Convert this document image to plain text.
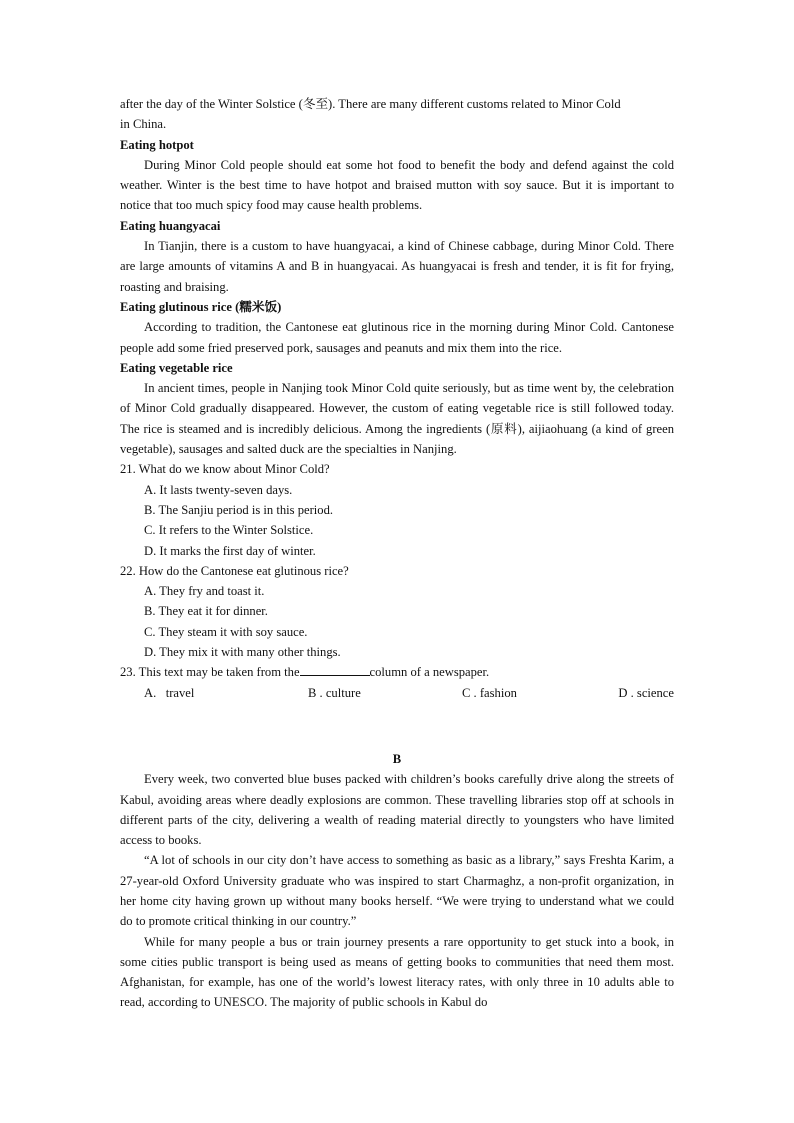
after the day of the Winter Solstice (冬至). There are many different customs related to Minor Cold

in China.

Eating hotpot

During Minor Cold people should eat some hot food to benefit the body and defend against the cold weather. Winter is the best time to have hotpot and braised mutton with soy sauce. But it is important to notice that too much spicy food may cause health problems.

Eating huangyacai

In Tianjin, there is a custom to have huangyacai, a kind of Chinese cabbage, during Minor Cold. There are large amounts of vitamins A and B in huangyacai. As huangyacai is fresh and tender, it is fit for frying, roasting and braising.

Eating glutinous rice (糯米饭)

According to tradition, the Cantonese eat glutinous rice in the morning during Minor Cold. Cantonese people add some fried preserved pork, sausages and peanuts and mix them into the rice.

Eating vegetable rice

In ancient times, people in Nanjing took Minor Cold quite seriously, but as time went by, the celebration of Minor Cold gradually disappeared. However, the custom of eating vegetable rice is still followed today. The rice is steamed and is incredibly delicious. Among the ingredients (原料), aijiaohuang (a kind of green vegetable), sausages and salted duck are the specialties in Nanjing.

21. What do we know about Minor Cold?

A. It lasts twenty-seven days.

B. The Sanjiu period is in this period.

C. It refers to the Winter Solstice.

D. It marks the first day of winter.

22. How do the Cantonese eat glutinous rice?

A. They fry and toast it.

B. They eat it for dinner.

C. They steam it with soy sauce.

D. They mix it with many other things.

23. This text may be taken from the	column of a newspaper.

A.   travel	B . culture	C . fashion	D . science

B

Every week, two converted blue buses packed with children’s books carefully drive along the streets of Kabul, avoiding areas where deadly explosions are common. These travelling libraries stop off at schools in different parts of the city, delivering a wealth of reading material directly to youngsters who have limited access to books.

“A lot of schools in our city don’t have access to something as basic as a library,” says Freshta Karim, a 27-year-old Oxford University graduate who was inspired to start Charmaghz, a non-profit organization, in her home city having grown up without many books herself. “We were trying to understand what we could do to promote critical thinking in our country.”

While for many people a bus or train journey presents a rare opportunity to get stuck into a book, in some cities public transport is being used as means of getting books to communities that need them most. Afghanistan, for example, has one of the world’s lowest literacy rates, with only three in 10 adults able to read, according to UNESCO. The majority of public schools in Kabul do
